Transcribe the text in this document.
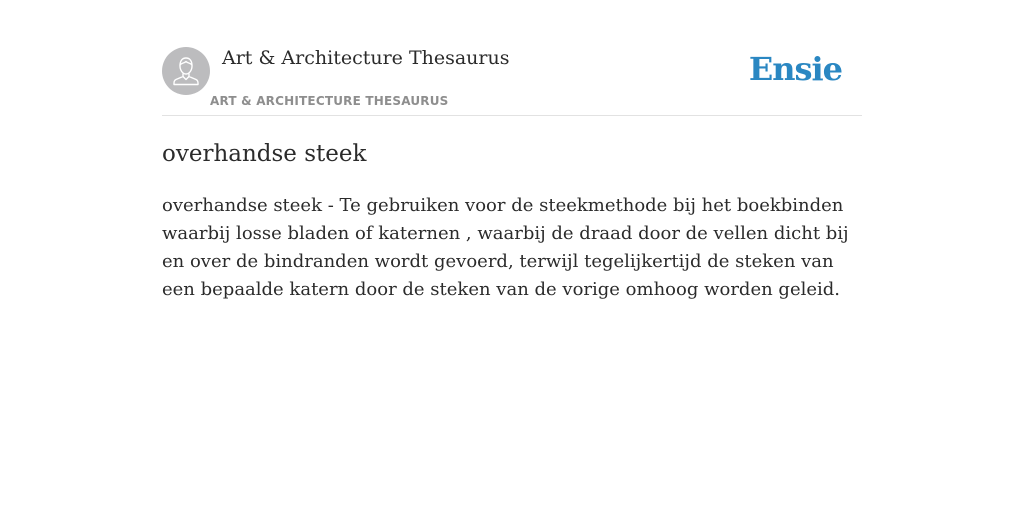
Art & Architecture Thesaurus
ART & ARCHITECTURE THESAURUS
Ensie
overhandse steek

overhandse steek - Te gebruiken voor de steekmethode bij het boekbinden waarbij losse bladen of katernen , waarbij de draad door de vellen dicht bij en over de bindranden wordt gevoerd, terwijl tegelijkertijd de steken van een bepaalde katern door de steken van de vorige omhoog worden geleid.
